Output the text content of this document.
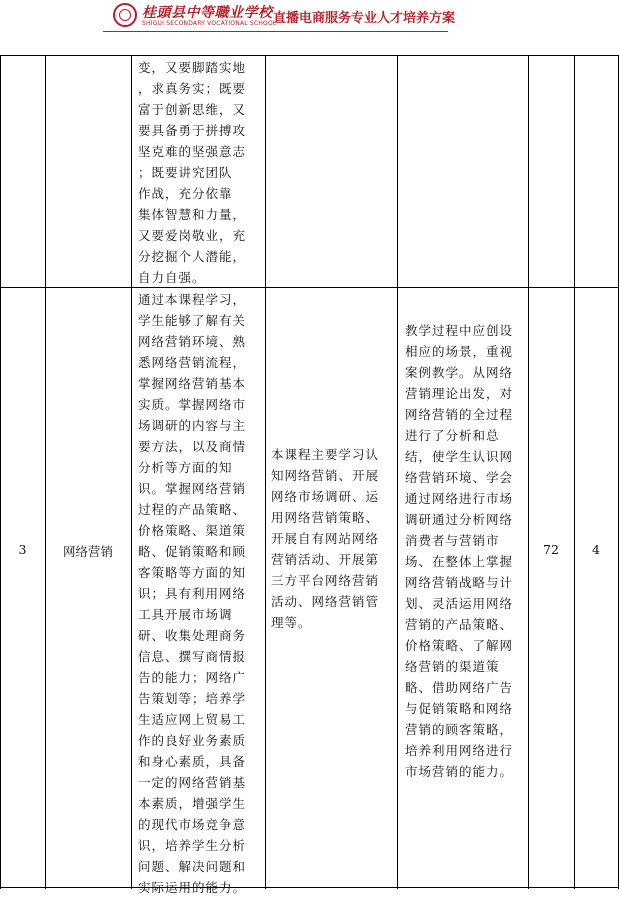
桂頭县中等職业学校
SHIGUI SECONDARY VOCATIONAL SCHOOL
直播电商服务专业人才培养方案
变，又要脚踏实地
，求真务实；既要
富于创新思维，又
要具备勇于拼搏攻
坚克难的坚强意志
；既要讲究团队
作战，充分依靠
集体智慧和力量，
又要爱岗敬业，充
分挖掘个人潜能，
自力自强。
3	网络营销
通过本课程学习，
学生能够了解有关
网络营销环境、熟
悉网络营销流程，
掌握网络营销基本
实质。掌握网络市
场调研的内容与主
要方法，以及商情
分析等方面的知
识。掌握网络营销
过程的产品策略、
价格策略、渠道策
略、促销策略和顾
客策略等方面的知
识；具有利用网络
工具开展市场调
研、收集处理商务
信息、撰写商情报
告的能力；网络广
告策划等；培养学
生适应网上贸易工
作的良好业务素质
和身心素质，具备
一定的网络营销基
本素质，增强学生
的现代市场竞争意
识，培养学生分析
问题、解决问题和
实际运用的能力。
本课程主要学习认
知网络营销、开展
网络市场调研、运
用网络营销策略、
开展自有网站网络
营销活动、开展第
三方平台网络营销
活动、网络营销管
理等。
教学过程中应创设
相应的场景，重视
案例教学。从网络
营销理论出发，对
网络营销的全过程
进行了分析和总
结，使学生认识网
络营销环境、学会
通过网络进行市场
调研通过分析网络
消费者与营销市
场、在整体上掌握
网络营销战略与计
划、灵活运用网络
营销的产品策略、
价格策略、了解网
络营销的渠道策
略、借助网络广告
与促销策略和网络
营销的顾客策略，
培养利用网络进行
市场营销的能力。
72	4
